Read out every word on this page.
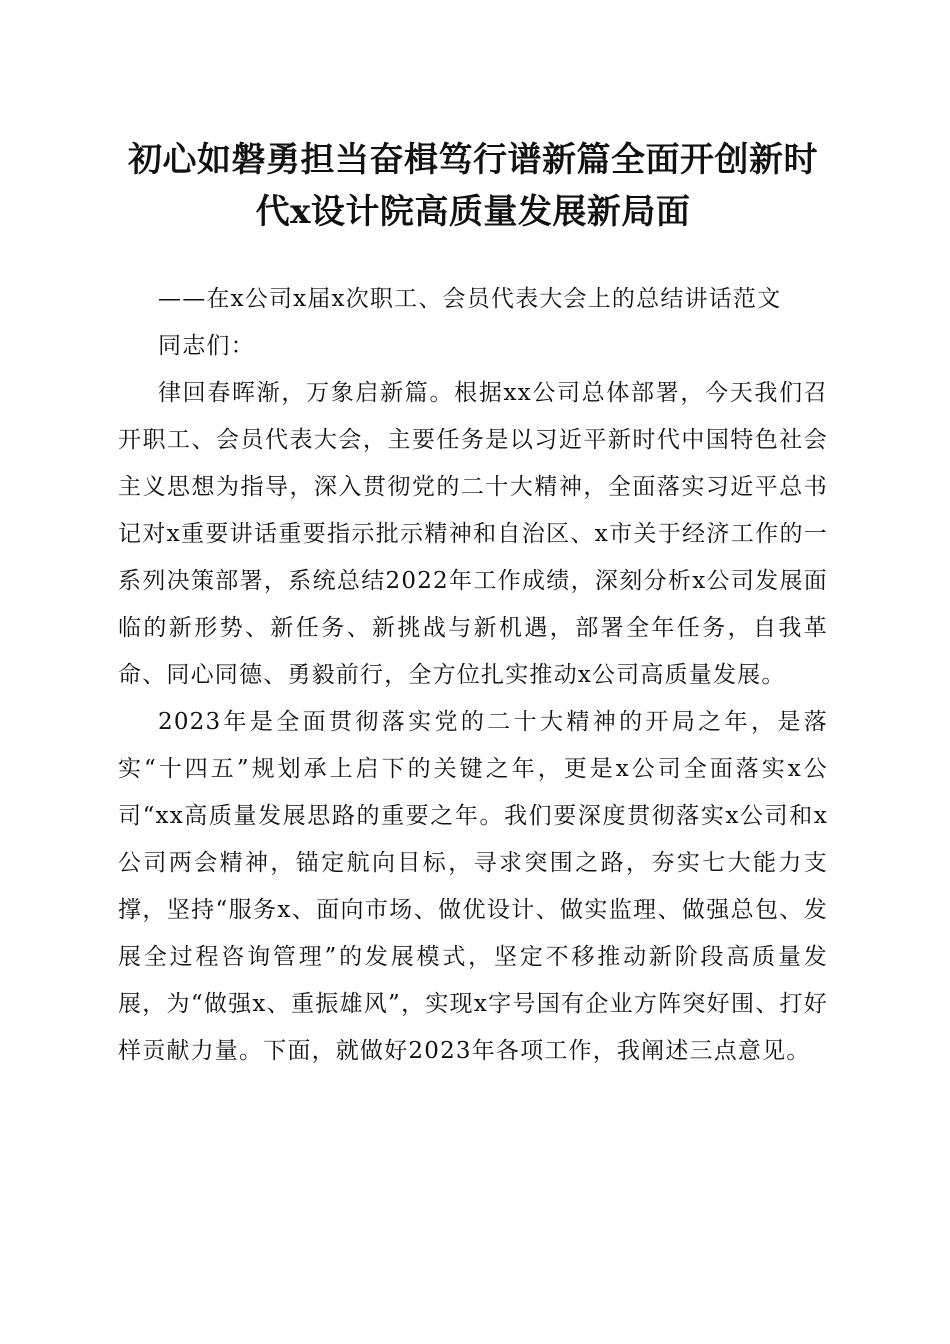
初心如磐勇担当奋楫笃行谱新篇全面开创新时代x设计院高质量发展新局面

——在x公司x届x次职工、会员代表大会上的总结讲话范文

同志们：

律回春晖渐，万象启新篇。根据xx公司总体部署，今天我们召开职工、会员代表大会，主要任务是以习近平新时代中国特色社会主义思想为指导，深入贯彻党的二十大精神，全面落实习近平总书记对x重要讲话重要指示批示精神和自治区、x市关于经济工作的一系列决策部署，系统总结2022年工作成绩，深刻分析x公司发展面临的新形势、新任务、新挑战与新机遇，部署全年任务，自我革命、同心同德、勇毅前行，全方位扎实推动x公司高质量发展。

2023年是全面贯彻落实党的二十大精神的开局之年，是落实“十四五”规划承上启下的关键之年，更是x公司全面落实x公司“xx高质量发展思路的重要之年。我们要深度贯彻落实x公司和x公司两会精神，锚定航向目标，寻求突围之路，夯实七大能力支撑，坚持“服务x、面向市场、做优设计、做实监理、做强总包、发展全过程咨询管理”的发展模式，坚定不移推动新阶段高质量发展，为“做强x、重振雄风”，实现x字号国有企业方阵突好围、打好样贡献力量。下面，就做好2023年各项工作，我阐述三点意见。
